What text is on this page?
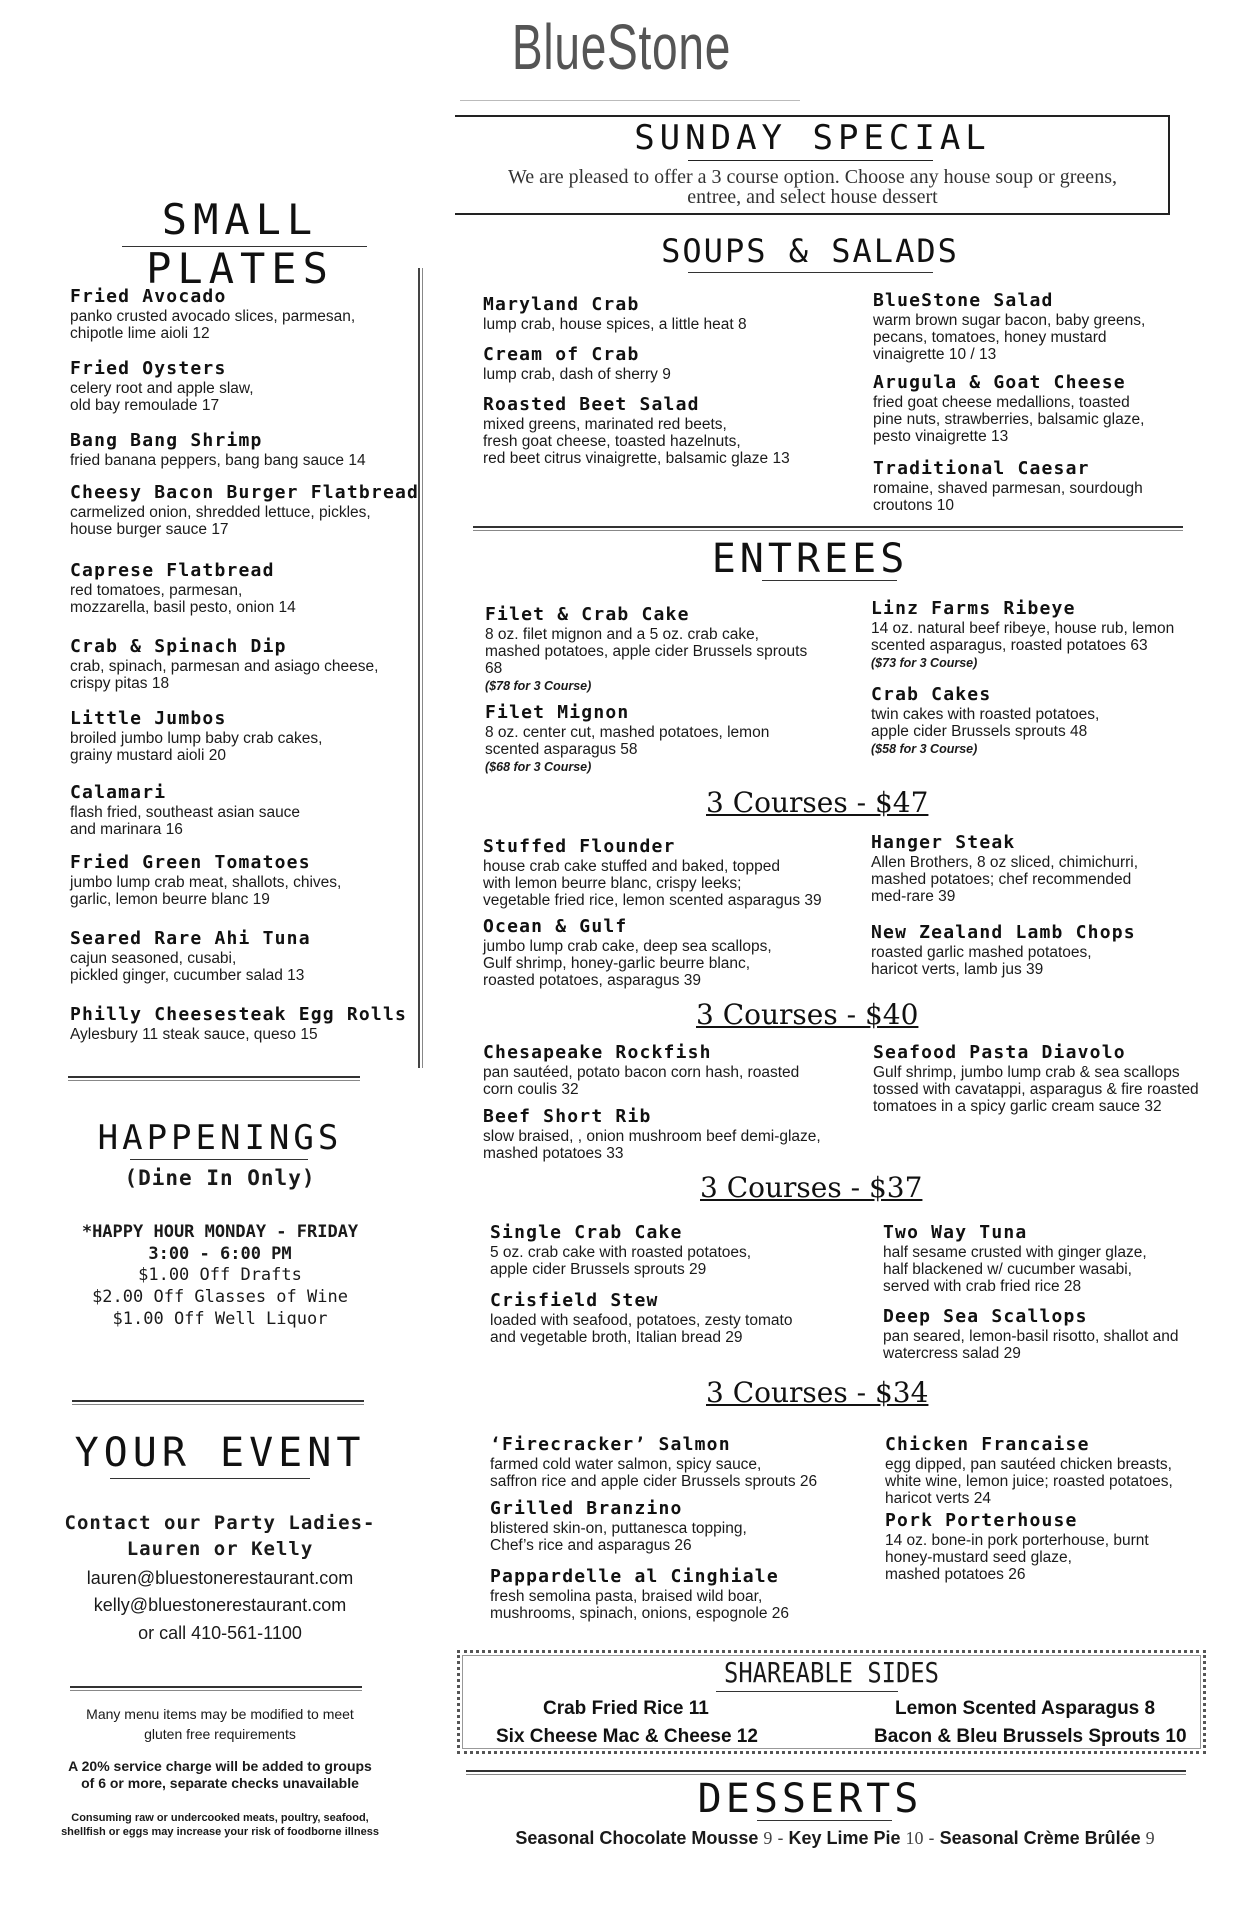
BlueStone
SUNDAY SPECIAL
We are pleased to offer a 3 course option. Choose any house soup or greens,
entree, and select house dessert
SMALL PLATES
Fried Avocado
panko crusted avocado slices, parmesan,
chipotle lime aioli 12
Fried Oysters
celery root and apple slaw,
old bay remoulade 17
Bang Bang Shrimp
fried banana peppers, bang bang sauce 14
Cheesy Bacon Burger Flatbread
carmelized onion, shredded lettuce, pickles,
house burger sauce 17
Caprese Flatbread
red tomatoes, parmesan,
mozzarella, basil pesto, onion 14
Crab & Spinach Dip
crab, spinach, parmesan and asiago cheese,
crispy pitas 18
Little Jumbos
broiled jumbo lump baby crab cakes,
grainy mustard aioli 20
Calamari
flash fried, southeast asian sauce
and marinara 16
Fried Green Tomatoes
jumbo lump crab meat, shallots, chives,
garlic, lemon beurre blanc 19
Seared Rare Ahi Tuna
cajun seasoned, cusabi,
pickled ginger, cucumber salad 13
Philly Cheesesteak Egg Rolls
Aylesbury 11 steak sauce, queso 15
HAPPENINGS
(Dine In Only)
*HAPPY HOUR MONDAY - FRIDAY
3:00 - 6:00 PM
$1.00 Off Drafts
$2.00 Off Glasses of Wine
$1.00 Off Well Liquor
YOUR EVENT
Contact our Party Ladies-
Lauren or Kelly
lauren@bluestonerestaurant.com
kelly@bluestonerestaurant.com
or call 410-561-1100
Many menu items may be modified to meet
gluten free requirements
A 20% service charge will be added to groups
of 6 or more, separate checks unavailable
Consuming raw or undercooked meats, poultry, seafood,
shellfish or eggs may increase your risk of foodborne illness
SOUPS & SALADS
Maryland Crab
lump crab, house spices, a little heat 8
Cream of Crab
lump crab, dash of sherry 9
Roasted Beet Salad
mixed greens, marinated red beets,
fresh goat cheese, toasted hazelnuts,
red beet citrus vinaigrette, balsamic glaze 13
BlueStone Salad
warm brown sugar bacon, baby greens,
pecans, tomatoes, honey mustard
vinaigrette 10 / 13
Arugula & Goat Cheese
fried goat cheese medallions, toasted
pine nuts, strawberries, balsamic glaze,
pesto vinaigrette 13
Traditional Caesar
romaine, shaved parmesan, sourdough
croutons 10
ENTREES
Filet & Crab Cake
8 oz. filet mignon and a 5 oz. crab cake,
mashed potatoes, apple cider Brussels sprouts
68
($78 for 3 Course)
Filet Mignon
8 oz. center cut, mashed potatoes, lemon
scented asparagus 58
($68 for 3 Course)
Linz Farms Ribeye
14 oz. natural beef ribeye, house rub, lemon
scented asparagus, roasted potatoes 63
($73 for 3 Course)
Crab Cakes
twin cakes with roasted potatoes,
apple cider Brussels sprouts 48
($58 for 3 Course)
Stuffed Flounder
house crab cake stuffed and baked, topped
with lemon beurre blanc, crispy leeks;
vegetable fried rice, lemon scented asparagus 39
Ocean & Gulf
jumbo lump crab cake, deep sea scallops,
Gulf shrimp, honey-garlic beurre blanc,
roasted potatoes, asparagus 39
Hanger Steak
Allen Brothers, 8 oz sliced, chimichurri,
mashed potatoes; chef recommended
med-rare 39
New Zealand Lamb Chops
roasted garlic mashed potatoes,
haricot verts, lamb jus 39
Chesapeake Rockfish
pan sautéed, potato bacon corn hash, roasted
corn coulis 32
Beef Short Rib
slow braised, , onion mushroom beef demi-glaze,
mashed potatoes 33
Seafood Pasta Diavolo
Gulf shrimp, jumbo lump crab & sea scallops
tossed with cavatappi, asparagus & fire roasted
tomatoes in a spicy garlic cream sauce 32
Single Crab Cake
5 oz. crab cake with roasted potatoes,
apple cider Brussels sprouts 29
Crisfield Stew
loaded with seafood, potatoes, zesty tomato
and vegetable broth, Italian bread 29
Two Way Tuna
half sesame crusted with ginger glaze,
half blackened w/ cucumber wasabi,
served with crab fried rice 28
Deep Sea Scallops
pan seared, lemon-basil risotto, shallot and
watercress salad 29
‘Firecracker’ Salmon
farmed cold water salmon, spicy sauce,
saffron rice and apple cider Brussels sprouts 26
Grilled Branzino
blistered skin-on, puttanesca topping,
Chef’s rice and asparagus 26
Pappardelle al Cinghiale
fresh semolina pasta, braised wild boar,
mushrooms, spinach, onions, espognole 26
Chicken Francaise
egg dipped, pan sautéed chicken breasts,
white wine, lemon juice; roasted potatoes,
haricot verts 24
Pork Porterhouse
14 oz. bone-in pork porterhouse, burnt
honey-mustard seed glaze,
mashed potatoes 26
3 Courses - $47
3 Courses - $40
3 Courses - $37
3 Courses - $34
SHAREABLE SIDES
Crab Fried Rice 11	Lemon Scented Asparagus 8
Six Cheese Mac & Cheese 12	Bacon & Bleu Brussels Sprouts 10
DESSERTS
Seasonal Chocolate Mousse 9 - Key Lime Pie 10 - Seasonal Crème Brûlée 9
